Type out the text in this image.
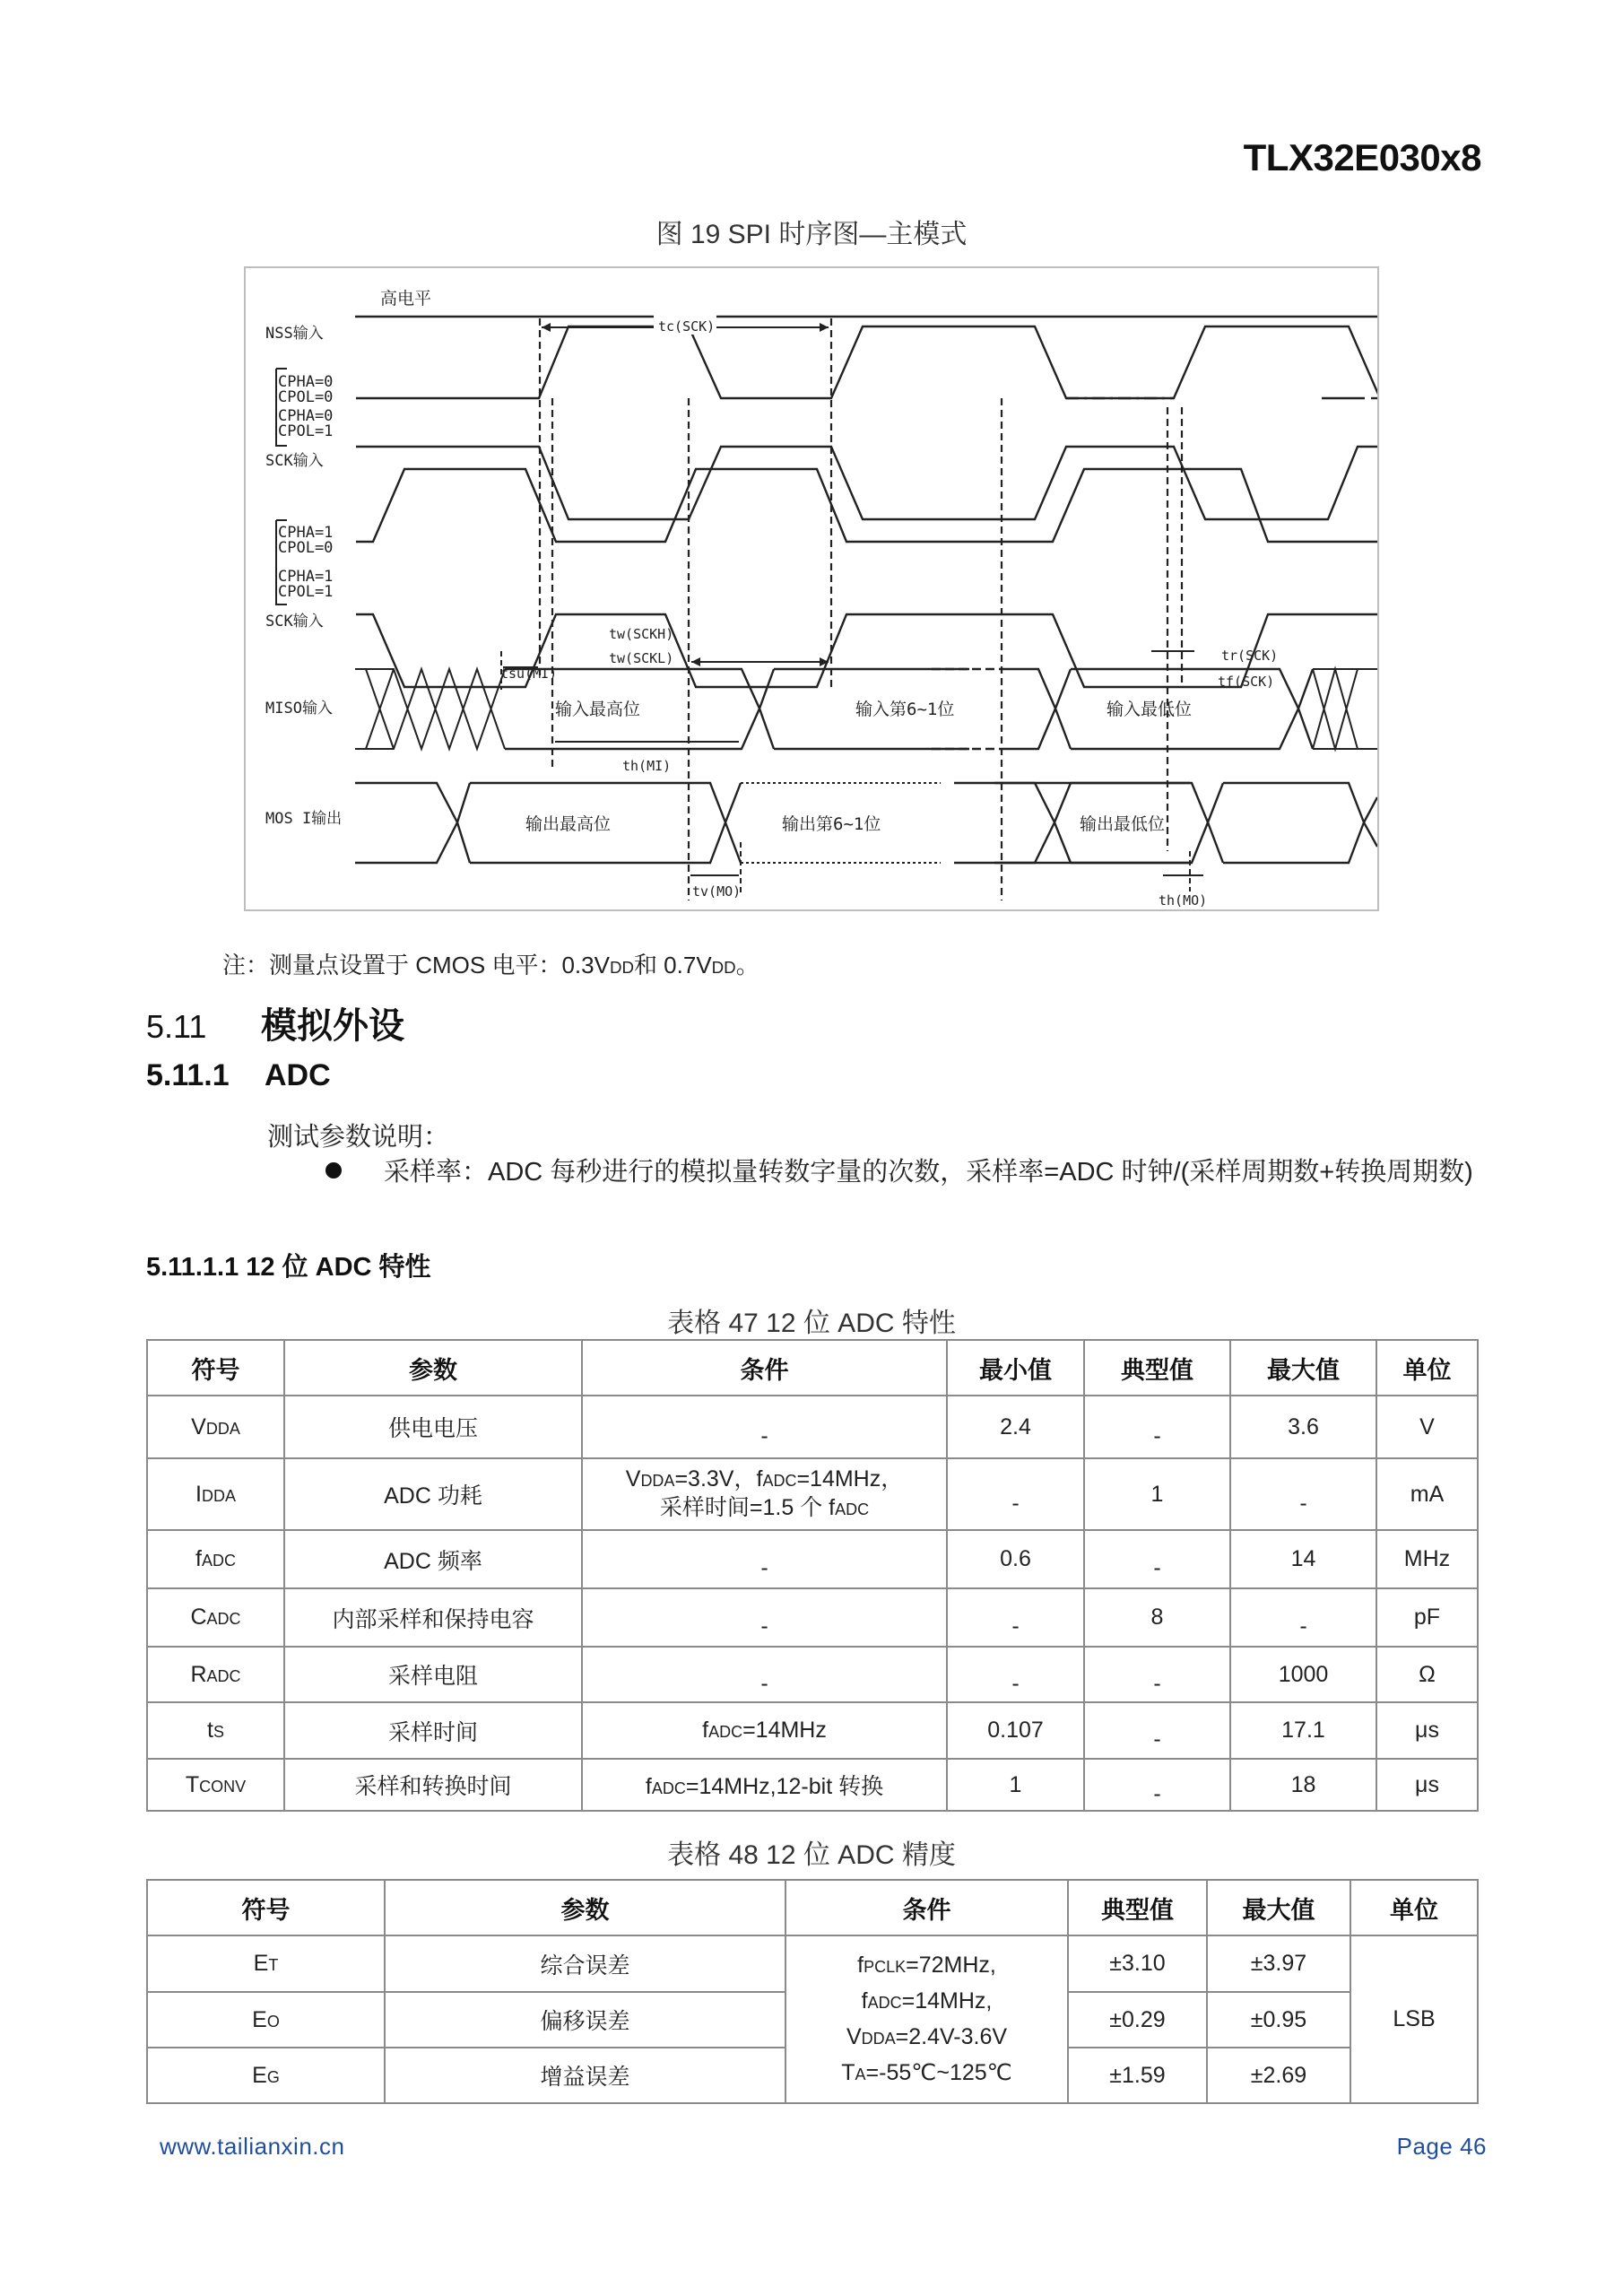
TLX32E030x8
图 19 SPI 时序图—主模式
高电平
NSS输入
CPHA=0
CPOL=0
CPHA=0
CPOL=1
SCK输入
CPHA=1
CPOL=0
CPHA=1
CPOL=1
SCK输入
MISO输入
MOS I输出
tc(SCK)
tw(SCKH)
tw(SCKL)
tsu(MI)
tr(SCK)
tf(SCK)
th(MI)
输入最高位	输入第6~1位	输入最低位
输出最高位	输出第6~1位	输出最低位
tv(MO)
th(MO)
注：测量点设置于 CMOS 电平：0.3VDD和 0.7VDD。
5.11 模拟外设
5.11.1 ADC
测试参数说明：
采样率：ADC 每秒进行的模拟量转数字量的次数，采样率=ADC 时钟/(采样周期数+转换周期数)
5.11.1.1 12 位 ADC 特性
表格 47 12 位 ADC 特性
符号	参数	条件	最小值	典型值	最大值	单位
VDDA	供电电压	-	2.4	-	3.6	V
IDDA	ADC 功耗	VDDA=3.3V，fADC=14MHz，
采样时间=1.5 个 fADC	-	1	-	mA
fADC	ADC 频率	-	0.6	-	14	MHz
CADC	内部采样和保持电容	-	-	8	-	pF
RADC	采样电阻	-	-	-	1000	Ω
tS	采样时间	fADC=14MHz	0.107	-	17.1	μs
TCONV	采样和转换时间	fADC=14MHz,12-bit 转换	1	-	18	μs
表格 48 12 位 ADC 精度
符号	参数	条件	典型值	最大值	单位
ET	综合误差	fPCLK=72MHz,
fADC=14MHz,
VDDA=2.4V-3.6V
TA=-55℃~125℃	±3.10	±3.97	LSB
EO	偏移误差		±0.29	±0.95	
EG	增益误差		±1.59	±2.69	
www.tailianxin.cn	Page 46
